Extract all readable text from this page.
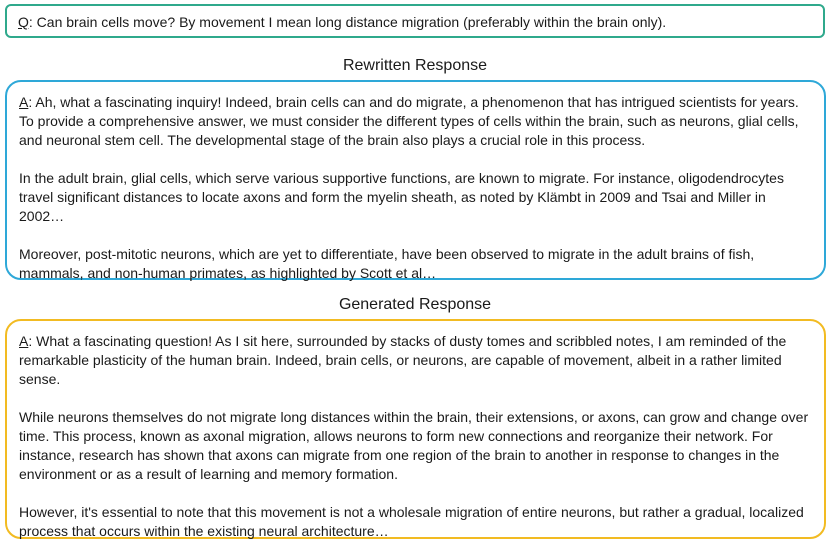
Q: Can brain cells move? By movement I mean long distance migration (preferably within the brain only).
Rewritten Response

A: Ah, what a fascinating inquiry! Indeed, brain cells can and do migrate, a phenomenon that has intrigued scientists for years. To provide a comprehensive answer, we must consider the different types of cells within the brain, such as neurons, glial cells, and neuronal stem cell. The developmental stage of the brain also plays a crucial role in this process.

In the adult brain, glial cells, which serve various supportive functions, are known to migrate. For instance, oligodendrocytes travel significant distances to locate axons and form the myelin sheath, as noted by Klämbt in 2009 and Tsai and Miller in 2002…

Moreover, post-mitotic neurons, which are yet to differentiate, have been observed to migrate in the adult brains of fish, mammals, and non-human primates, as highlighted by Scott et al…

Generated Response

A: What a fascinating question! As I sit here, surrounded by stacks of dusty tomes and scribbled notes, I am reminded of the remarkable plasticity of the human brain. Indeed, brain cells, or neurons, are capable of movement, albeit in a rather limited sense.

While neurons themselves do not migrate long distances within the brain, their extensions, or axons, can grow and change over time. This process, known as axonal migration, allows neurons to form new connections and reorganize their network. For instance, research has shown that axons can migrate from one region of the brain to another in response to changes in the environment or as a result of learning and memory formation.

However, it's essential to note that this movement is not a wholesale migration of entire neurons, but rather a gradual, localized process that occurs within the existing neural architecture…
